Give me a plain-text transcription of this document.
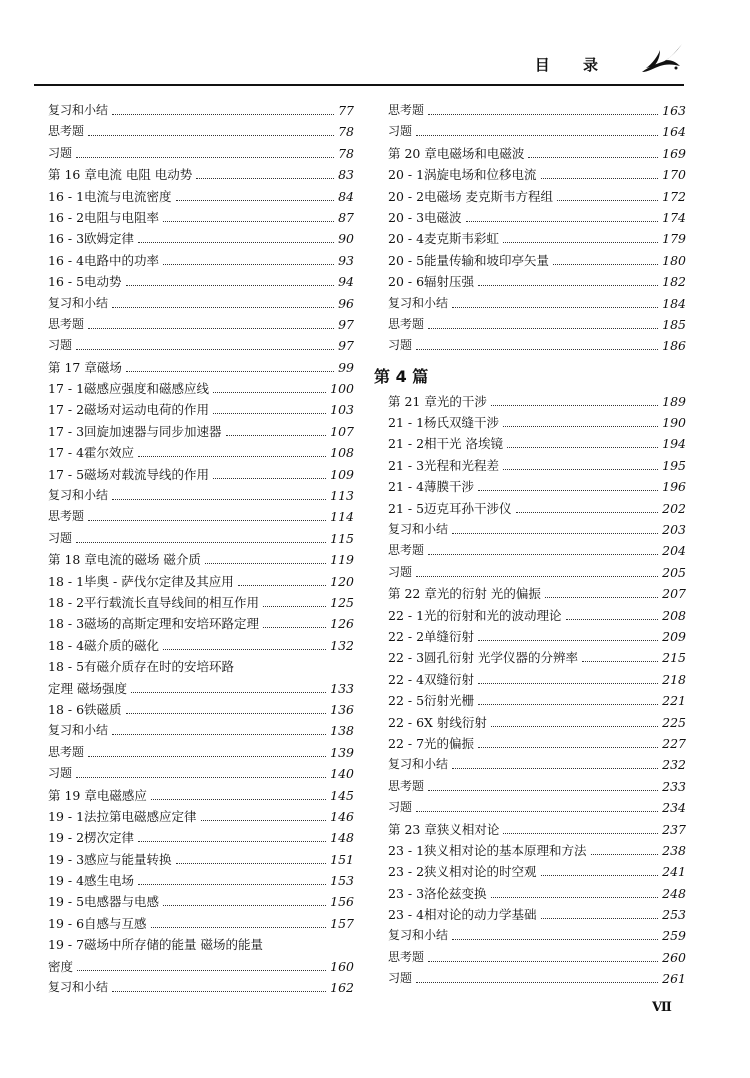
目 录
复习和小结	77
思考题	78
习题	78
第 16 章电流 电阻 电动势	83
16 - 1电流与电流密度	84
16 - 2电阻与电阻率	87
16 - 3欧姆定律	90
16 - 4电路中的功率	93
16 - 5电动势	94
复习和小结	96
思考题	97
习题	97
第 17 章磁场	99
17 - 1磁感应强度和磁感应线	100
17 - 2磁场对运动电荷的作用	103
17 - 3回旋加速器与同步加速器	107
17 - 4霍尔效应	108
17 - 5磁场对载流导线的作用	109
复习和小结	113
思考题	114
习题	115
第 18 章电流的磁场 磁介质	119
18 - 1毕奥 - 萨伐尔定律及其应用	120
18 - 2平行载流长直导线间的相互作用	125
18 - 3磁场的高斯定理和安培环路定理	126
18 - 4磁介质的磁化	132
18 - 5有磁介质存在时的安培环路
定理 磁场强度	133
18 - 6铁磁质	136
复习和小结	138
思考题	139
习题	140
第 19 章电磁感应	145
19 - 1法拉第电磁感应定律	146
19 - 2楞次定律	148
19 - 3感应与能量转换	151
19 - 4感生电场	153
19 - 5电感器与电感	156
19 - 6自感与互感	157
19 - 7磁场中所存储的能量 磁场的能量
密度	160
复习和小结	162
思考题	163
习题	164
第 20 章电磁场和电磁波	169
20 - 1涡旋电场和位移电流	170
20 - 2电磁场 麦克斯韦方程组	172
20 - 3电磁波	174
20 - 4麦克斯韦彩虹	179
20 - 5能量传输和坡印亭矢量	180
20 - 6辐射压强	182
复习和小结	184
思考题	185
习题	186
第 4 篇
第 21 章光的干涉	189
21 - 1杨氏双缝干涉	190
21 - 2相干光 洛埃镜	194
21 - 3光程和光程差	195
21 - 4薄膜干涉	196
21 - 5迈克耳孙干涉仪	202
复习和小结	203
思考题	204
习题	205
第 22 章光的衍射 光的偏振	207
22 - 1光的衍射和光的波动理论	208
22 - 2单缝衍射	209
22 - 3圆孔衍射 光学仪器的分辨率	215
22 - 4双缝衍射	218
22 - 5衍射光栅	221
22 - 6X 射线衍射	225
22 - 7光的偏振	227
复习和小结	232
思考题	233
习题	234
第 23 章狭义相对论	237
23 - 1狭义相对论的基本原理和方法	238
23 - 2狭义相对论的时空观	241
23 - 3洛伦兹变换	248
23 - 4相对论的动力学基础	253
复习和小结	259
思考题	260
习题	261
Ⅶ
